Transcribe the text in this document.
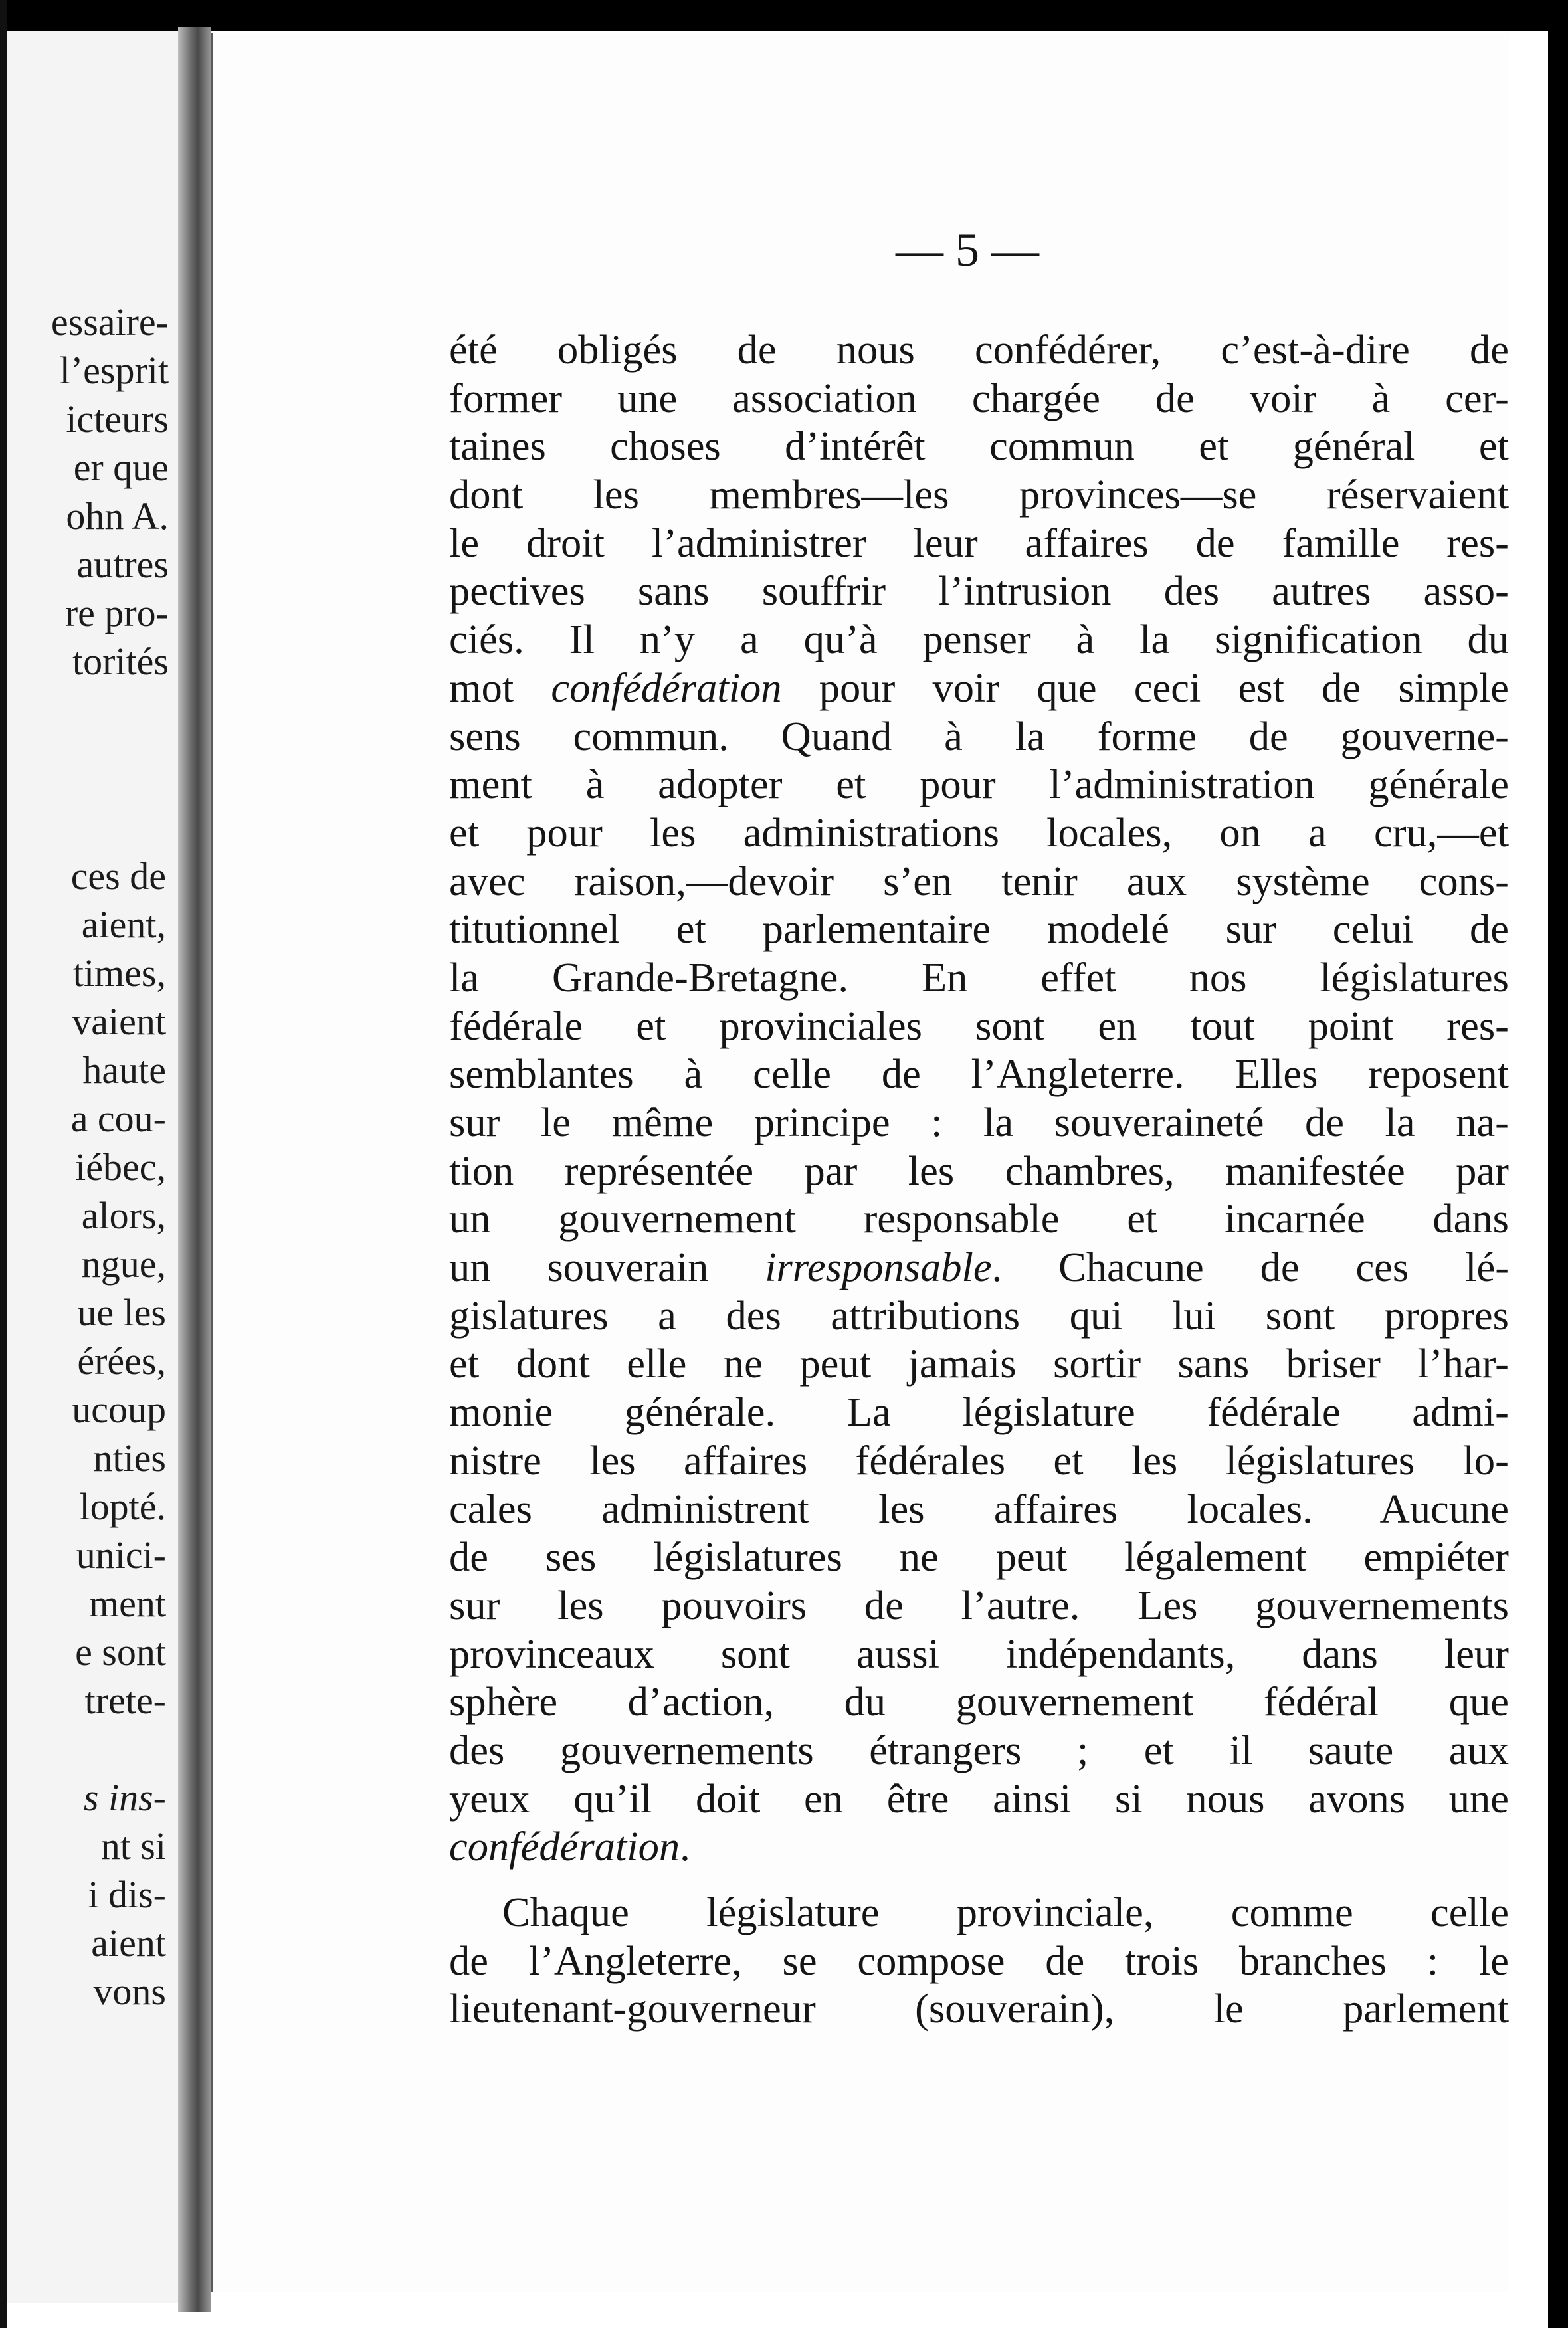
essaire-
l’esprit
icteurs
er que
ohn A.
autres
re pro-
torités
ces de
aient,
times,
vaient
haute
a cou-
iébec,
alors,
ngue,
ue les
érées,
ucoup
nties
lopté.
unici-
ment
e sont
trete-
s ins-
nt si
i dis-
aient
vons
— 5 —
été obligés de nous confédérer, c’est-à-dire de
former une association chargée de voir à cer-
taines choses d’intérêt commun et général et
dont les membres—les provinces—se réservaient
le droit l’administrer leur affaires de famille res-
pectives sans souffrir l’intrusion des autres asso-
ciés. Il n’y a qu’à penser à la signification du
mot confédération pour voir que ceci est de simple
sens commun. Quand à la forme de gouverne-
ment à adopter et pour l’administration générale
et pour les administrations locales, on a cru,—et
avec raison,—devoir s’en tenir aux système cons-
titutionnel et parlementaire modelé sur celui de
la Grande-Bretagne. En effet nos législatures
fédérale et provinciales sont en tout point res-
semblantes à celle de l’Angleterre. Elles reposent
sur le même principe : la souveraineté de la na-
tion représentée par les chambres, manifestée par
un gouvernement responsable et incarnée dans
un souverain irresponsable. Chacune de ces lé-
gislatures a des attributions qui lui sont propres
et dont elle ne peut jamais sortir sans briser l’har-
monie générale. La législature fédérale admi-
nistre les affaires fédérales et les législatures lo-
cales administrent les affaires locales. Aucune
de ses législatures ne peut légalement empiéter
sur les pouvoirs de l’autre. Les gouvernements
provinceaux sont aussi indépendants, dans leur
sphère d’action, du gouvernement fédéral que
des gouvernements étrangers ; et il saute aux
yeux qu’il doit en être ainsi si nous avons une
confédération.
Chaque législature provinciale, comme celle
de l’Angleterre, se compose de trois branches : le
lieutenant-gouverneur (souverain), le parlement
